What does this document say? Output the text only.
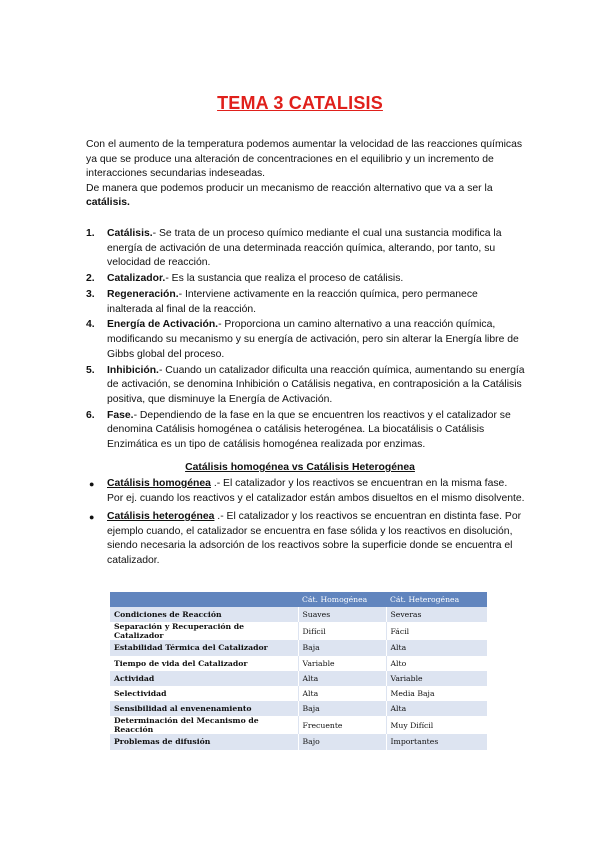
TEMA 3 CATALISIS

Con el aumento de la temperatura podemos aumentar la velocidad de las reacciones químicas ya que se produce una alteración de concentraciones en el equilibrio y un incremento de interacciones secundarias indeseadas.

De manera que podemos producir un mecanismo de reacción alternativo que va a ser la catálisis.

1. Catálisis.- Se trata de un proceso químico mediante el cual una sustancia modifica la energía de activación de una determinada reacción química, alterando, por tanto, su velocidad de reacción.
2. Catalizador.- Es la sustancia que realiza el proceso de catálisis.
3. Regeneración.- Interviene activamente en la reacción química, pero permanece inalterada al final de la reacción.
4. Energía de Activación.- Proporciona un camino alternativo a una reacción química, modificando su mecanismo y su energía de activación, pero sin alterar la Energía libre de Gibbs global del proceso.
5. Inhibición.- Cuando un catalizador dificulta una reacción química, aumentando su energía de activación, se denomina Inhibición o Catálisis negativa, en contraposición a la Catálisis positiva, que disminuye la Energía de Activación.
6. Fase.- Dependiendo de la fase en la que se encuentren los reactivos y el catalizador se denomina Catálisis homogénea o catálisis heterogénea. La biocatálisis o Catálisis Enzimática es un tipo de catálisis homogénea realizada por enzimas.
Catálisis homogénea vs Catálisis Heterogénea
● Catálisis homogénea .- El catalizador y los reactivos se encuentran en la misma fase. Por ej. cuando los reactivos y el catalizador están ambos disueltos en el mismo disolvente.
● Catálisis heterogénea .- El catalizador y los reactivos se encuentran en distinta fase. Por ejemplo cuando, el catalizador se encuentra en fase sólida y los reactivos en disolución, siendo necesaria la adsorción de los reactivos sobre la superficie donde se encuentra el catalizador.
	Cát. Homogénea	Cát. Heterogénea
Condiciones de Reacción	Suaves	Severas
Separación y Recuperación de Catalizador	Difícil	Fácil
Estabilidad Térmica del Catalizador	Baja	Alta
Tiempo de vida del Catalizador	Variable	Alto
Actividad	Alta	Variable
Selectividad	Alta	Media Baja
Sensibilidad al envenenamiento	Baja	Alta
Determinación del Mecanismo de Reacción	Frecuente	Muy Difícil
Problemas de difusión	Bajo	Importantes
